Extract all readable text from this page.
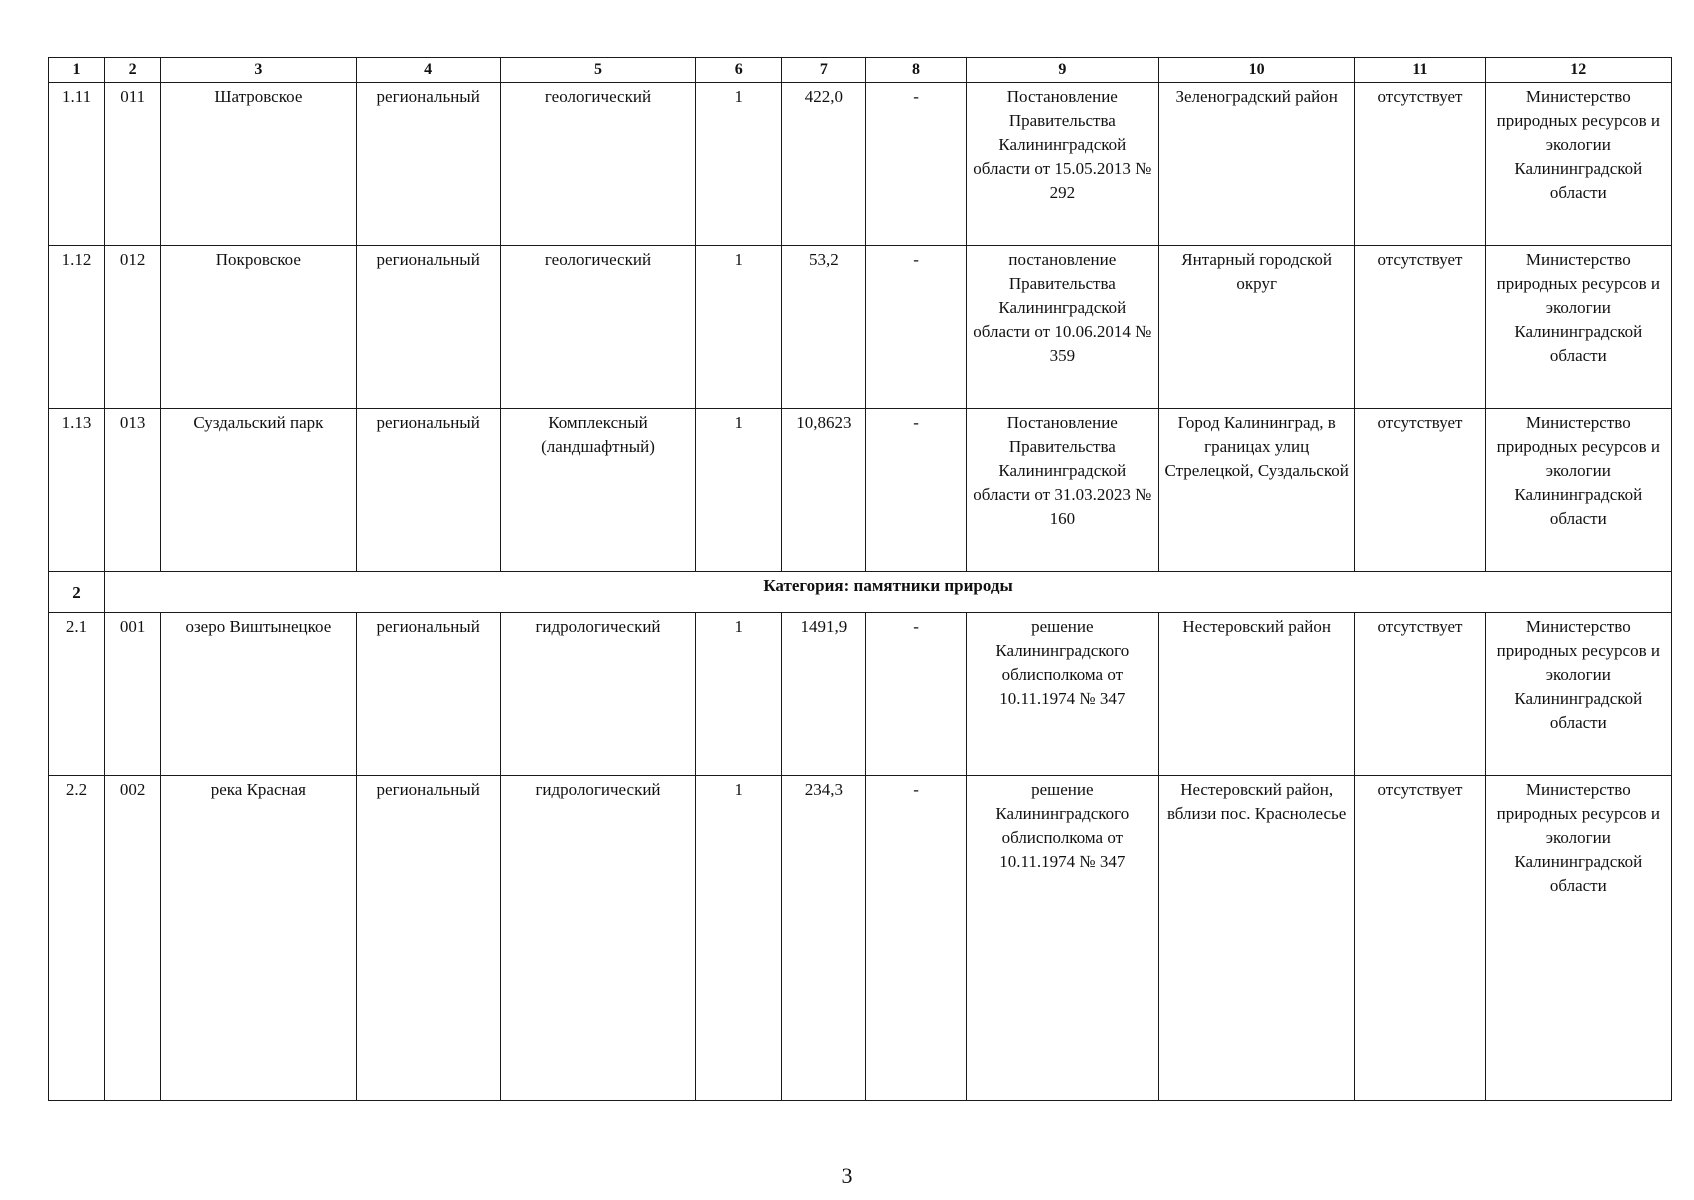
1	2	3	4	5	6	7	8	9	10	11	12
1.11	011	Шатровское	региональный	геологический	1	422,0	-	Постановление Правительства Калининградской области от 15.05.2013 № 292	Зеленоградский район	отсутствует	Министерство природных ресурсов и экологии Калининградской области
1.12	012	Покровское	региональный	геологический	1	53,2	-	постановление Правительства Калининградской области от 10.06.2014 № 359	Янтарный городской округ	отсутствует	Министерство природных ресурсов и экологии Калининградской области
1.13	013	Суздальский парк	региональный	Комплексный (ландшафтный)	1	10,8623	-	Постановление Правительства Калининградской области от 31.03.2023 № 160	Город Калининград, в границах улиц Стрелецкой, Суздальской	отсутствует	Министерство природных ресурсов и экологии Калининградской области
2	Категория: памятники природы										
2.1	001	озеро Виштынецкое	региональный	гидрологический	1	1491,9	-	решение Калининградского облисполкома от 10.11.1974 № 347	Нестеровский район	отсутствует	Министерство природных ресурсов и экологии Калининградской области
2.2	002	река Красная	региональный	гидрологический	1	234,3	-	решение Калининградского облисполкома от 10.11.1974 № 347	Нестеровский район, вблизи пос. Краснолесье	отсутствует	Министерство природных ресурсов и экологии Калининградской области
3
